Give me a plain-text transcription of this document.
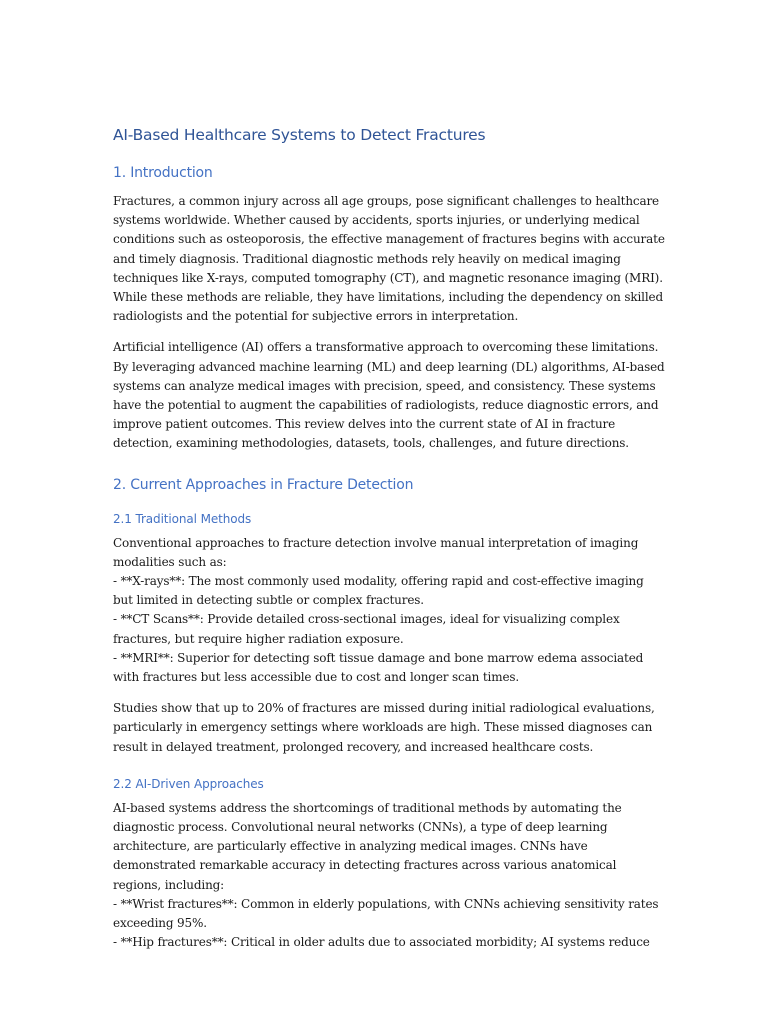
AI-Based Healthcare Systems to Detect Fractures
1. Introduction

Fractures, a common injury across all age groups, pose significant challenges to healthcare
systems worldwide. Whether caused by accidents, sports injuries, or underlying medical
conditions such as osteoporosis, the effective management of fractures begins with accurate
and timely diagnosis. Traditional diagnostic methods rely heavily on medical imaging
techniques like X-rays, computed tomography (CT), and magnetic resonance imaging (MRI).
While these methods are reliable, they have limitations, including the dependency on skilled
radiologists and the potential for subjective errors in interpretation.

Artificial intelligence (AI) offers a transformative approach to overcoming these limitations.
By leveraging advanced machine learning (ML) and deep learning (DL) algorithms, AI-based
systems can analyze medical images with precision, speed, and consistency. These systems
have the potential to augment the capabilities of radiologists, reduce diagnostic errors, and
improve patient outcomes. This review delves into the current state of AI in fracture
detection, examining methodologies, datasets, tools, challenges, and future directions.

2. Current Approaches in Fracture Detection
2.1 Traditional Methods

Conventional approaches to fracture detection involve manual interpretation of imaging
modalities such as:
- **X-rays**: The most commonly used modality, offering rapid and cost-effective imaging
but limited in detecting subtle or complex fractures.
- **CT Scans**: Provide detailed cross-sectional images, ideal for visualizing complex
fractures, but require higher radiation exposure.
- **MRI**: Superior for detecting soft tissue damage and bone marrow edema associated
with fractures but less accessible due to cost and longer scan times.

Studies show that up to 20% of fractures are missed during initial radiological evaluations,
particularly in emergency settings where workloads are high. These missed diagnoses can
result in delayed treatment, prolonged recovery, and increased healthcare costs.

2.2 AI-Driven Approaches

AI-based systems address the shortcomings of traditional methods by automating the
diagnostic process. Convolutional neural networks (CNNs), a type of deep learning
architecture, are particularly effective in analyzing medical images. CNNs have
demonstrated remarkable accuracy in detecting fractures across various anatomical
regions, including:
- **Wrist fractures**: Common in elderly populations, with CNNs achieving sensitivity rates
exceeding 95%.
- **Hip fractures**: Critical in older adults due to associated morbidity; AI systems reduce
